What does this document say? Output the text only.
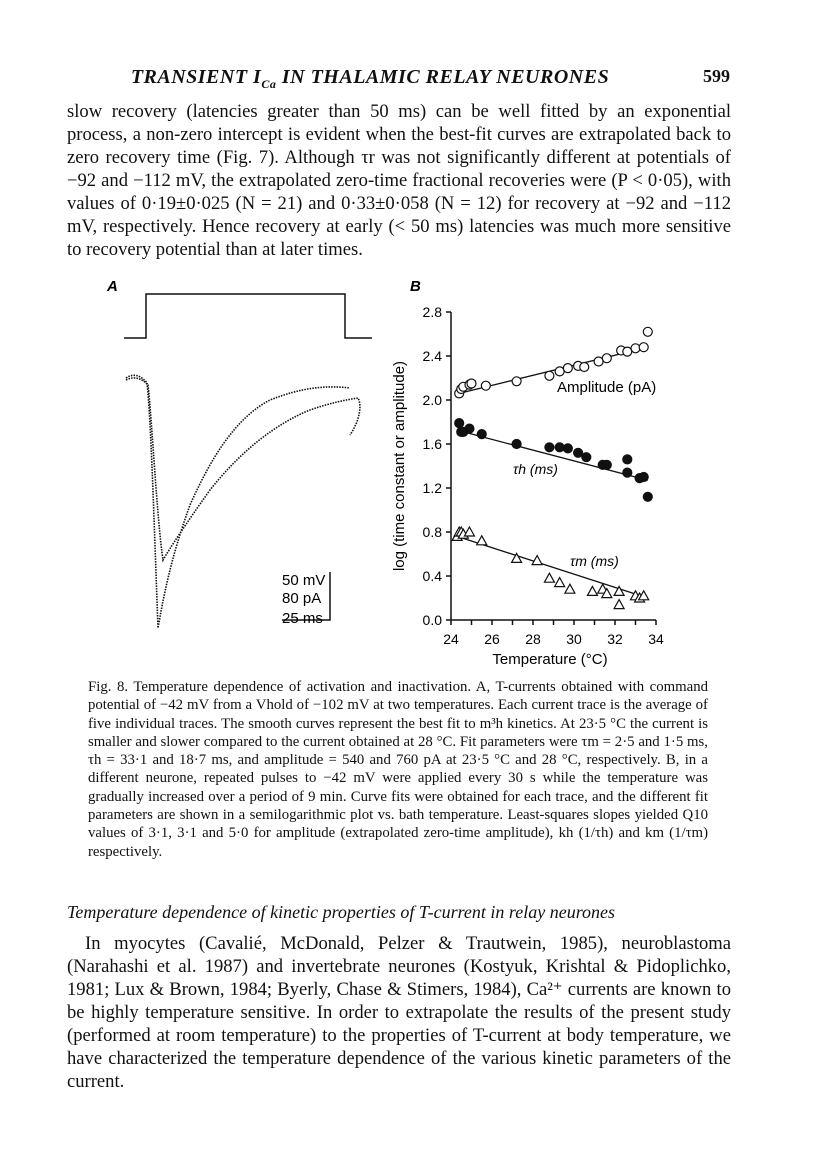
TRANSIENT $I_{Ca}$ IN THALAMIC RELAY NEURONES	599
slow recovery (latencies greater than 50 ms) can be well fitted by an exponential process, a non-zero intercept is evident when the best-fit curves are extrapolated back to zero recovery time (Fig. 7). Although τr was not significantly different at potentials of −92 and −112 mV, the extrapolated zero-time fractional recoveries were (P < 0·05), with values of 0·19±0·025 (N = 21) and 0·33±0·058 (N = 12) for recovery at −92 and −112 mV, respectively. Hence recovery at early (< 50 ms) latencies was much more sensitive to recovery potential than at later times.
A
50 mV
80 pA
25 ms
B
0.0
0.4
0.8
1.2
1.6
2.0
2.4
2.8
24 26 28 30 32 34
log (time constant or amplitude)
Temperature (°C)
Amplitude (pA)
τh (ms)
τm (ms)
Fig. 8. Temperature dependence of activation and inactivation. A, T-currents obtained with command potential of −42 mV from a Vhold of −102 mV at two temperatures. Each current trace is the average of five individual traces. The smooth curves represent the best fit to m³h kinetics. At 23·5 °C the current is smaller and slower compared to the current obtained at 28 °C. Fit parameters were τm = 2·5 and 1·5 ms, τh = 33·1 and 18·7 ms, and amplitude = 540 and 760 pA at 23·5 °C and 28 °C, respectively. B, in a different neurone, repeated pulses to −42 mV were applied every 30 s while the temperature was gradually increased over a period of 9 min. Curve fits were obtained for each trace, and the different fit parameters are shown in a semilogarithmic plot vs. bath temperature. Least-squares slopes yielded Q10 values of 3·1, 3·1 and 5·0 for amplitude (extrapolated zero-time amplitude), kh (1/τh) and km (1/τm) respectively.
Temperature dependence of kinetic properties of T-current in relay neurones
In myocytes (Cavalié, McDonald, Pelzer & Trautwein, 1985), neuroblastoma (Narahashi et al. 1987) and invertebrate neurones (Kostyuk, Krishtal & Pidoplichko, 1981; Lux & Brown, 1984; Byerly, Chase & Stimers, 1984), Ca²⁺ currents are known to be highly temperature sensitive. In order to extrapolate the results of the present study (performed at room temperature) to the properties of T-current at body temperature, we have characterized the temperature dependence of the various kinetic parameters of the current.
